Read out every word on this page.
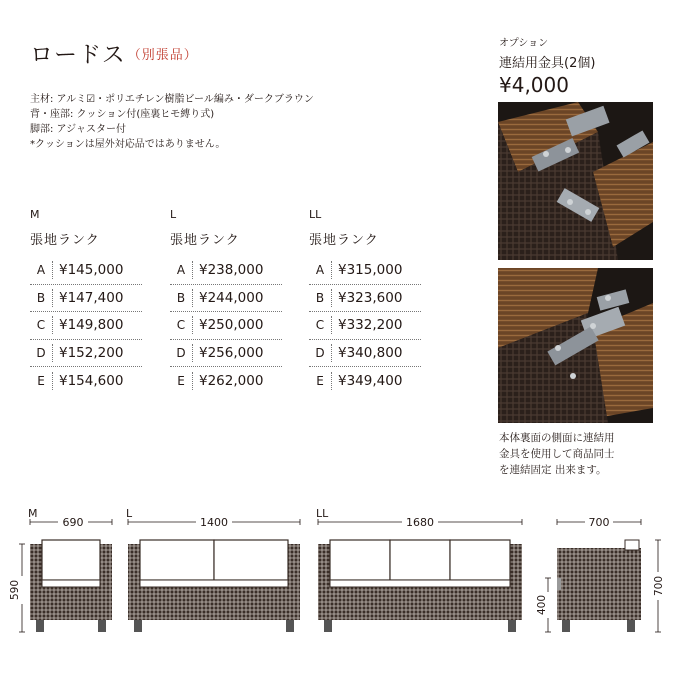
ロードス （別張品）
主材: アルミ☑・ポリエチレン樹脂ビール編み・ダークブラウン
背・座部: クッション付(座裏ヒモ縛り式)
脚部: アジャスター付
*クッションは屋外対応品ではありません。
M
張地ランク
A	¥145,000
B	¥147,400
C	¥149,800
D ¥152,200
E	¥154,600
L
張地ランク
A	¥238,000
B	¥244,000
C	¥250,000
D ¥256,000
E	¥262,000
LL
張地ランク
A	¥315,000
B	¥323,600
C	¥332,200
D ¥340,800
E	¥349,400
オプション
連結用金具(2個)
¥4,000
本体裏面の側面に連結用
金具を使用して商品同士
を連結固定 出来ます。
M
690
590
L
1400
LL
1680	700
400
700
